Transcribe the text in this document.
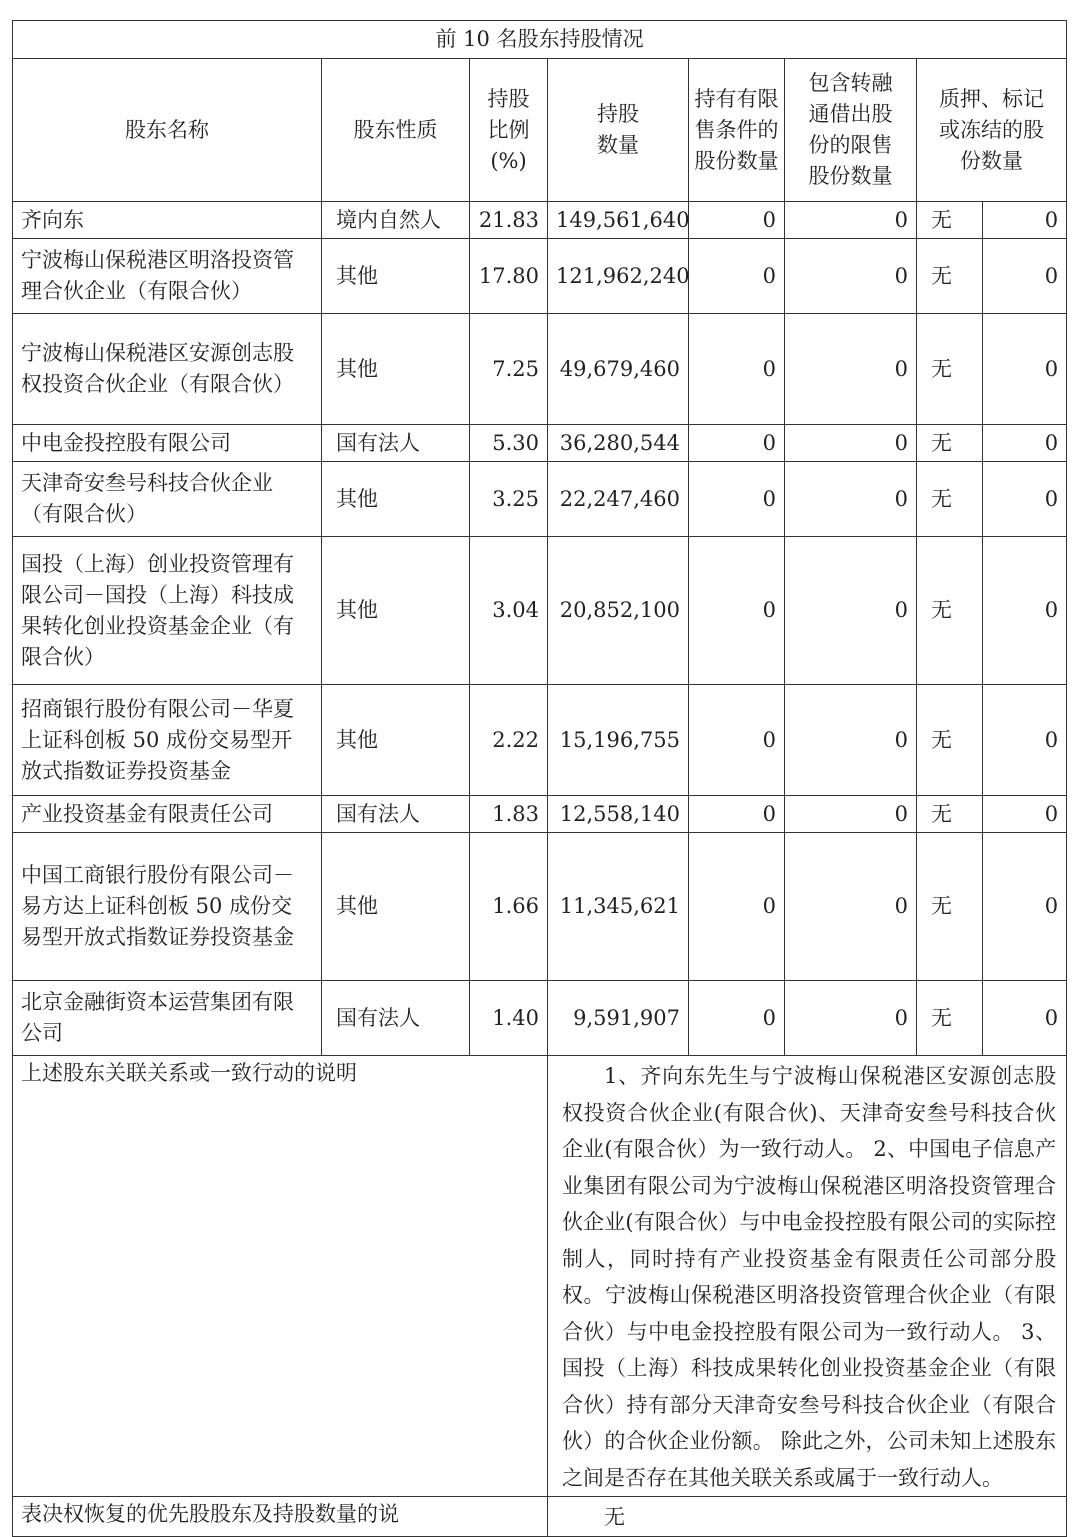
前 10 名股东持股情况							
股东名称	股东性质	持股比例(%)	持股数量	持有有限售条件的股份数量	包含转融通借出股份的限售股份数量	质押、标记或冻结的股份数量	
齐向东	境内自然人	21.83	149,561,640	0	0	无	0
宁波梅山保税港区明洛投资管理合伙企业（有限合伙）	其他	17.80	121,962,240	0	0	无	0
宁波梅山保税港区安源创志股权投资合伙企业（有限合伙）	其他	7.25	49,679,460	0	0	无	0
中电金投控股有限公司	国有法人	5.30	36,280,544	0	0	无	0
天津奇安叁号科技合伙企业（有限合伙）	其他	3.25	22,247,460	0	0	无	0
国投（上海）创业投资管理有限公司－国投（上海）科技成果转化创业投资基金企业（有限合伙）	其他	3.04	20,852,100	0	0	无	0
招商银行股份有限公司－华夏上证科创板 50 成份交易型开放式指数证券投资基金	其他	2.22	15,196,755	0	0	无	0
产业投资基金有限责任公司	国有法人	1.83	12,558,140	0	0	无	0
中国工商银行股份有限公司－易方达上证科创板 50 成份交易型开放式指数证券投资基金	其他	1.66	11,345,621	0	0	无	0
北京金融街资本运营集团有限公司	国有法人	1.40	9,591,907	0	0	无	0
上述股东关联关系或一致行动的说明			1、齐向东先生与宁波梅山保税港区安源创志股权投资合伙企业(有限合伙)、天津奇安叁号科技合伙企业(有限合伙）为一致行动人。 2、中国电子信息产业集团有限公司为宁波梅山保税港区明洛投资管理合伙企业(有限合伙）与中电金投控股有限公司的实际控制人，同时持有产业投资基金有限责任公司部分股权。宁波梅山保税港区明洛投资管理合伙企业（有限合伙）与中电金投控股有限公司为一致行动人。 3、国投（上海）科技成果转化创业投资基金企业（有限合伙）持有部分天津奇安叁号科技合伙企业（有限合伙）的合伙企业份额。 除此之外，公司未知上述股东之间是否存在其他关联关系或属于一致行动人。				

表决权恢复的优先股股东及持股数量的说			无				
